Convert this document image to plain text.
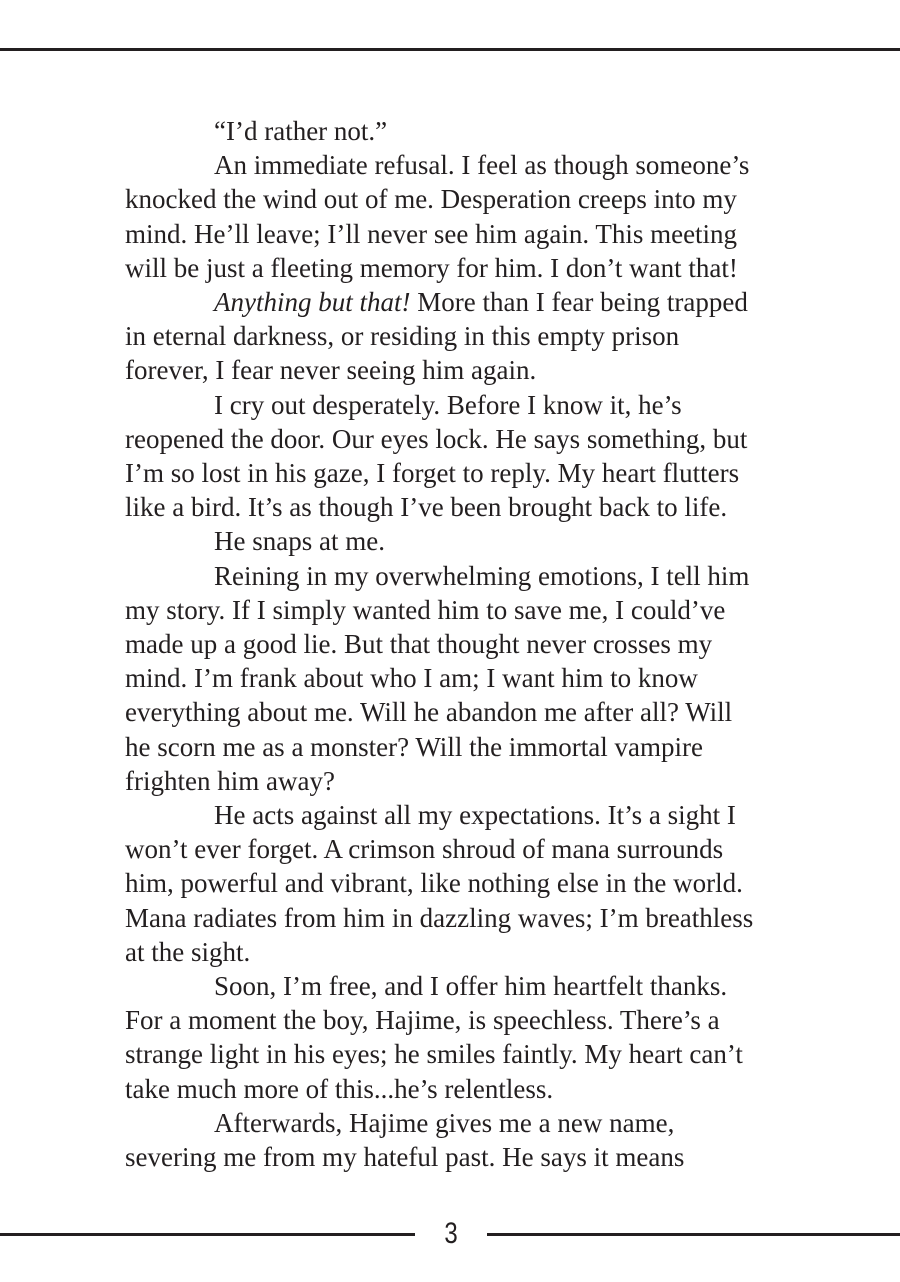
“I’d rather not.”

An immediate refusal. I feel as though someone’s
knocked the wind out of me. Desperation creeps into my
mind. He’ll leave; I’ll never see him again. This meeting
will be just a fleeting memory for him. I don’t want that!

Anything but that! More than I fear being trapped
in eternal darkness, or residing in this empty prison
forever, I fear never seeing him again.

I cry out desperately. Before I know it, he’s
reopened the door. Our eyes lock. He says something, but
I’m so lost in his gaze, I forget to reply. My heart flutters
like a bird. It’s as though I’ve been brought back to life.

He snaps at me.

Reining in my overwhelming emotions, I tell him
my story. If I simply wanted him to save me, I could’ve
made up a good lie. But that thought never crosses my
mind. I’m frank about who I am; I want him to know
everything about me. Will he abandon me after all? Will
he scorn me as a monster? Will the immortal vampire
frighten him away?

He acts against all my expectations. It’s a sight I
won’t ever forget. A crimson shroud of mana surrounds
him, powerful and vibrant, like nothing else in the world.
Mana radiates from him in dazzling waves; I’m breathless
at the sight.

Soon, I’m free, and I offer him heartfelt thanks.
For a moment the boy, Hajime, is speechless. There’s a
strange light in his eyes; he smiles faintly. My heart can’t
take much more of this...he’s relentless.

Afterwards, Hajime gives me a new name,
severing me from my hateful past. He says it means

3
